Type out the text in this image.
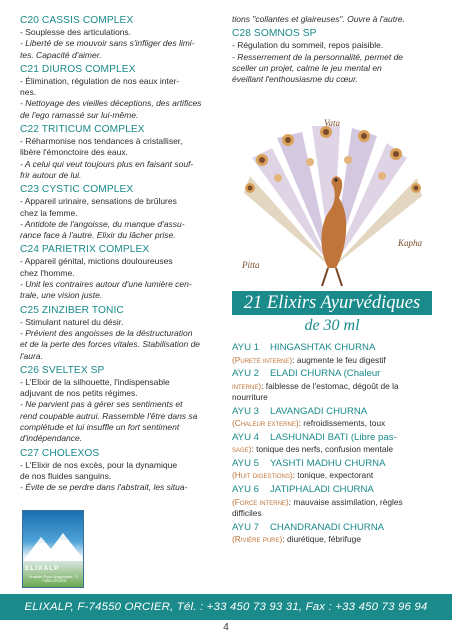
C20 CASSIS COMPLEX
- Souplesse des articulations.
- Liberté de se mouvoir sans s'infliger des limi-
tes. Capacité d'aimer.
C21 DIUROS COMPLEX
- Élimination, régulation de nos eaux inter-
nes.
- Nettoyage des vieilles déceptions, des artifices
de l'ego ramassé sur lui-même.
C22 TRITICUM COMPLEX
- Réharmonise nos tendances à cristalliser,
libère l'émonctoire des eaux.
- A celui qui veut toujours plus en faisant souf-
frir autour de lui.
C23 CYSTIC COMPLEX
- Appareil urinaire, sensations de brûlures
chez la femme.
- Antidote de l'angoisse, du manque d'assu-
rance face à l'autre. Elixir du lâcher prise.
C24 PARIETRIX COMPLEX
- Appareil génital, mictions douloureuses
chez l'homme.
- Unit les contraires autour d'une lumière cen-
trale, une vision juste.
C25 ZINZIBER TONIC
- Stimulant naturel du désir.
- Prévient des angoisses de la déstructuration
et de la perte des forces vitales. Stabilisation de
l'aura.
C26 SVELTEX SP
- L'Elixir de la silhouette, l'indispensable
adjuvant de nos petits régimes.
- Ne parvient pas à gérer ses sentiments et
rend coupable autrui. Rassemble l'être dans sa
complétude et lui insuffle un fort sentiment
d'indépendance.
C27 CHOLEXOS
- L'Elixir de nos excès, pour la dynamique
de nos fluides sanguins.
- Évite de se perdre dans l'abstrait, les situa-
tions "collantes et glaireuses". Ouvre à l'autre.
C28 SOMNOS SP
- Régulation du sommeil, repos paisible.
- Resserrement de la personnalité, permet de
sceller un projet, calme le jeu mental en
éveillant l'enthousiasme du cœur.
Vata
Pitta
Kapha
ELIXALP
Produits Phyto-Spagyriques · F-74550 ORCIER
21 Elixirs Ayurvédiques
de 30 ml
AYU 1 HINGASHTAK CHURNA
(Pureté interne): augmente le feu digestif
AYU 2 ELADI CHURNA (Chaleur
interne): faiblesse de l'estomac, dégoût de la nourriture
AYU 3 LAVANGADI CHURNA
(Chaleur externe): refroidissements, toux
AYU 4 LASHUNADI BATI (Libre pas-
sage): tonique des nerfs, confusion mentale
AYU 5 YASHTI MADHU CHURNA
(Huit digestions): tonique, expectorant
AYU 6 JATIPHALADI CHURNA
(Force interne): mauvaise assimilation, règles difficiles
AYU 7 CHANDRANADI CHURNA
(Rivière pure): diurétique, fébrifuge
ELIXALP, F-74550 ORCIER, Tél. : +33 450 73 93 31, Fax : +33 450 73 96 94
4
